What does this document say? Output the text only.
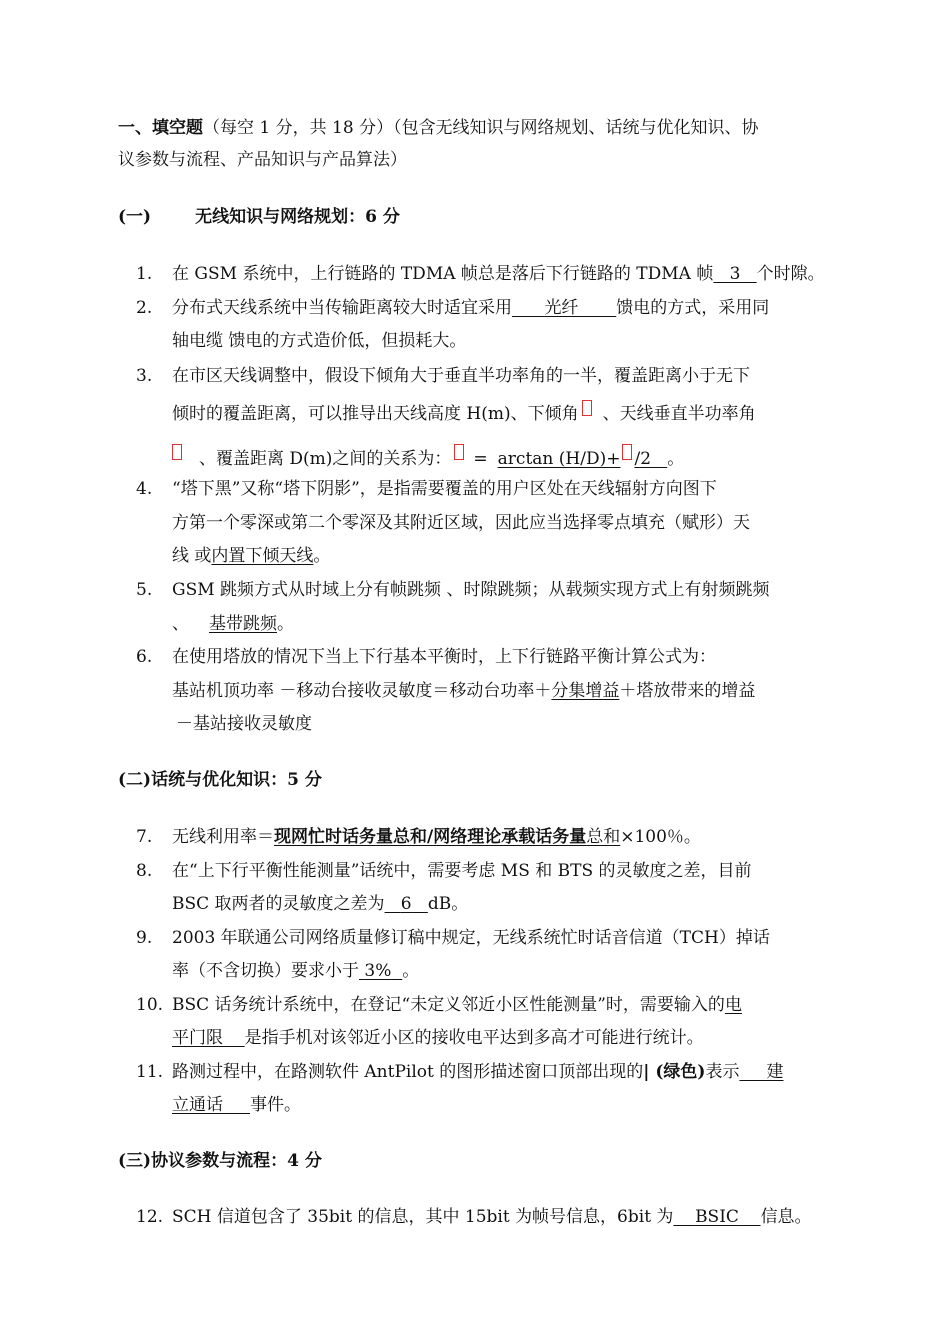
一、填空题（每空 1 分，共 18 分）（包含无线知识与网络规划、话统与优化知识、协
议参数与流程、产品知识与产品算法）
(一)	无线知识与网络规划：6 分
1. 在 GSM 系统中，上行链路的 TDMA 帧总是落后下行链路的 TDMA 帧 3 个时隙。
2. 分布式天线系统中当传输距离较大时适宜采用 光纤 馈电的方式，采用同
轴电缆 馈电的方式造价低，但损耗大。
3. 在市区天线调整中，假设下倾角大于垂直半功率角的一半，覆盖距离小于无下
倾时的覆盖距离，可以推导出天线高度 H(m)、下倾角 、天线垂直半功率角
、覆盖距离 D(m)之间的关系为： = arctan (H/D)+ /2 。
4. “塔下黑”又称“塔下阴影”，是指需要覆盖的用户区处在天线辐射方向图下
方第一个零深或第二个零深及其附近区域，因此应当选择零点填充（赋形）天
线 或内置下倾天线。
5. GSM 跳频方式从时域上分有帧跳频 、时隙跳频；从载频实现方式上有射频跳频
、 基带跳频。
6. 在使用塔放的情况下当上下行基本平衡时，上下行链路平衡计算公式为：
基站机顶功率 －移动台接收灵敏度＝移动台功率＋分集增益＋塔放带来的增益
－基站接收灵敏度
(二)话统与优化知识：5 分
7. 无线利用率＝现网忙时话务量总和/网络理论承载话务量总和×100％。
8. 在“上下行平衡性能测量”话统中，需要考虑 MS 和 BTS 的灵敏度之差，目前
BSC 取两者的灵敏度之差为 6 dB。
9. 2003 年联通公司网络质量修订稿中规定，无线系统忙时话音信道（TCH）掉话
率（不含切换）要求小于 3% 。
10. BSC 话务统计系统中，在登记“未定义邻近小区性能测量”时，需要输入的电
平门限 是指手机对该邻近小区的接收电平达到多高才可能进行统计。
11. 路测过程中，在路测软件 AntPilot 的图形描述窗口顶部出现的| (绿色)表示 建
立通话 事件。
(三)协议参数与流程：4 分
12. SCH 信道包含了 35bit 的信息，其中 15bit 为帧号信息，6bit 为 BSIC 信息。
